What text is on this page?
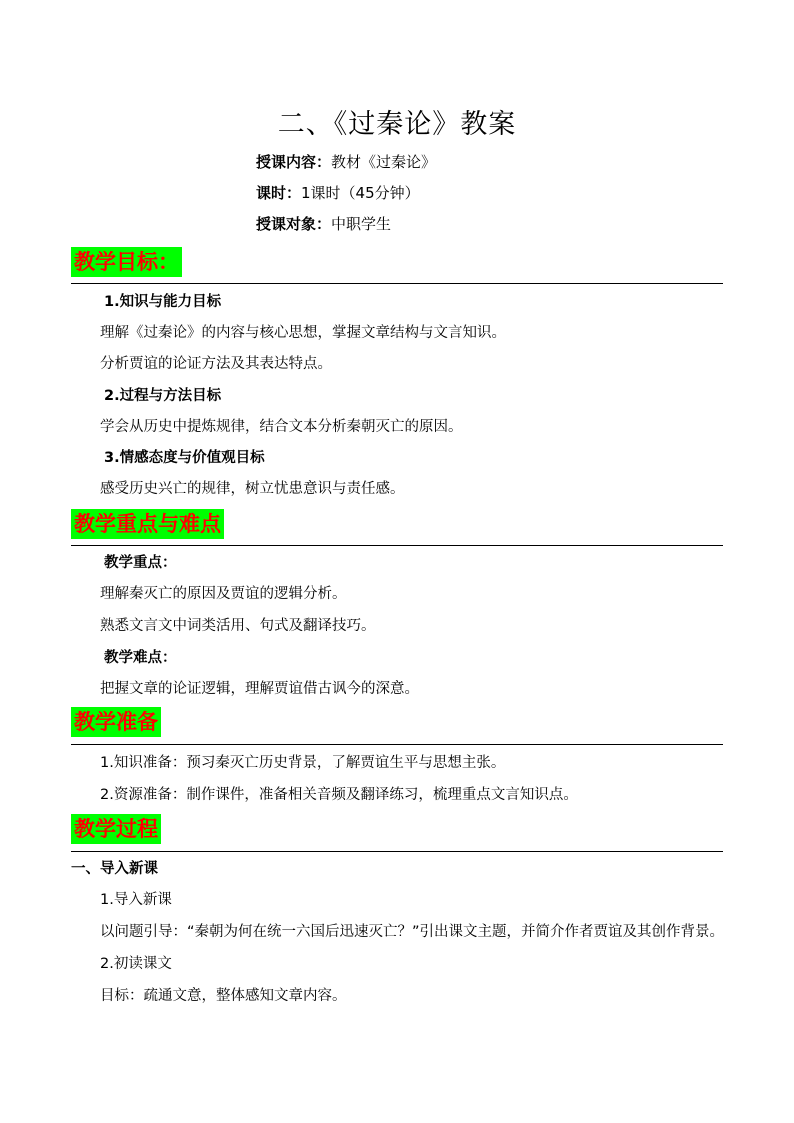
二、《过秦论》教案
授课内容：教材《过秦论》
课时：1课时（45分钟）
授课对象：中职学生
教学目标：
1.知识与能力目标
理解《过秦论》的内容与核心思想，掌握文章结构与文言知识。
分析贾谊的论证方法及其表达特点。
2.过程与方法目标
学会从历史中提炼规律，结合文本分析秦朝灭亡的原因。
3.情感态度与价值观目标
感受历史兴亡的规律，树立忧患意识与责任感。
教学重点与难点
教学重点：
理解秦灭亡的原因及贾谊的逻辑分析。
熟悉文言文中词类活用、句式及翻译技巧。
教学难点：
把握文章的论证逻辑，理解贾谊借古讽今的深意。
教学准备
1.知识准备：预习秦灭亡历史背景，了解贾谊生平与思想主张。
2.资源准备：制作课件，准备相关音频及翻译练习，梳理重点文言知识点。
教学过程
一、导入新课
1.导入新课
以问题引导：“秦朝为何在统一六国后迅速灭亡？”引出课文主题，并简介作者贾谊及其创作背景。
2.初读课文
目标：疏通文意，整体感知文章内容。
